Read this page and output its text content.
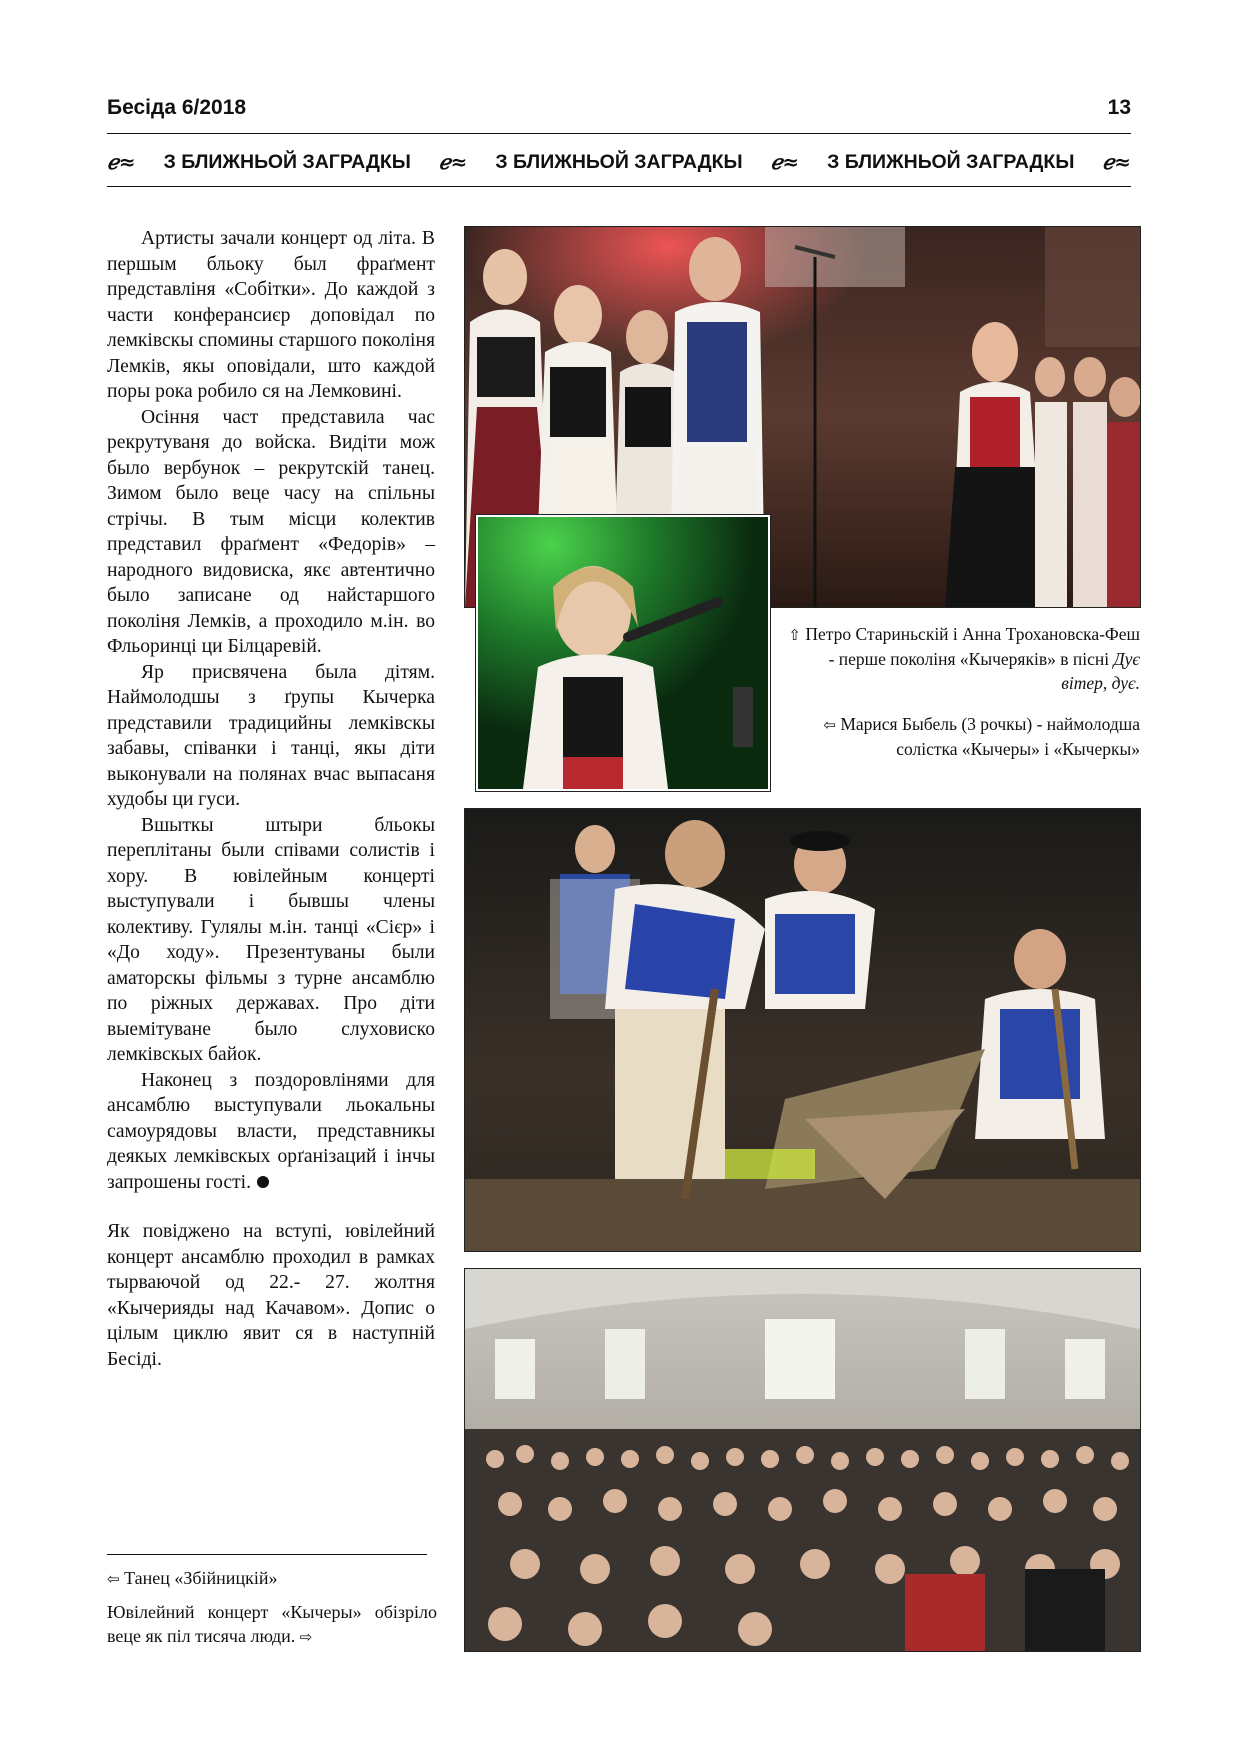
Бесіда 6/2018	13
ℯ≈ З БЛИЖНЬОЙ ЗАГРАДКЫ ℯ≈ З БЛИЖНЬОЙ ЗАГРАДКЫ ℯ≈ З БЛИЖНЬОЙ ЗАГРАДКЫ ℯ≈

Артисты зачали концерт од літа. В першым бльоку был фраґмент представліня «Собітки». До каждой з части конферансиєр доповідал по лемківскы спомины старшого поколіня Лемків, якы оповідали, што каждой поры рока робило ся на Лемковині.

Осіння част представила час рекрутуваня до войска. Видіти мож было вербунок – рекрутскій танец. Зимом было веце часу на спільны стрічы. В тым місци колектив представил фраґмент «Федорів» – народного видовиска, якє автентично было записане од найстаршого поколіня Лемків, а проходило м.ін. во Фльоринці ци Білцаревій.

Яр присвячена была дітям. Наймолодшы з ґрупы Кычерка представили традицийны лемківскы забавы, співанки і танці, якы діти выконували на полянах вчас выпасаня худобы ци гуси.

Вшыткы штыри бльокы переплітаны были співами солистів і хору. В ювілейным концерті выступували і бывшы члены колективу. Гулялы м.ін. танці «Сієр» і «До ходу». Презентуваны были аматорскы фільмы з турне ансамблю по ріжных державах. Про діти выемітуване было слуховиско лемківскых байок.

Наконец з поздоровлінями для ансамблю выступували льокальны самоурядовы власти, представникы деякых лемківскых орґанізаций і інчы запрошены гості.

Як повіджено на вступі, ювілейний концерт ансамблю проходил в рамках тырваючой од 22.- 27. жолтня «Кычерияды над Качавом». Допис о цілым циклю явит ся в наступній Бесіді.

⇦ Танец «Збійницкій»
Ювілейний концерт «Кычеры» обізріло веце як піл тисяча люди. ⇨
⇧ Петро Стариньскій і Анна Трохановска-Феш - перше поколіня «Кычеряків» в пісні Дує вітер, дує.
⇦ Марися Быбель (3 рочкы) - наймолодша солістка «Кычеры» і «Кычеркы»
